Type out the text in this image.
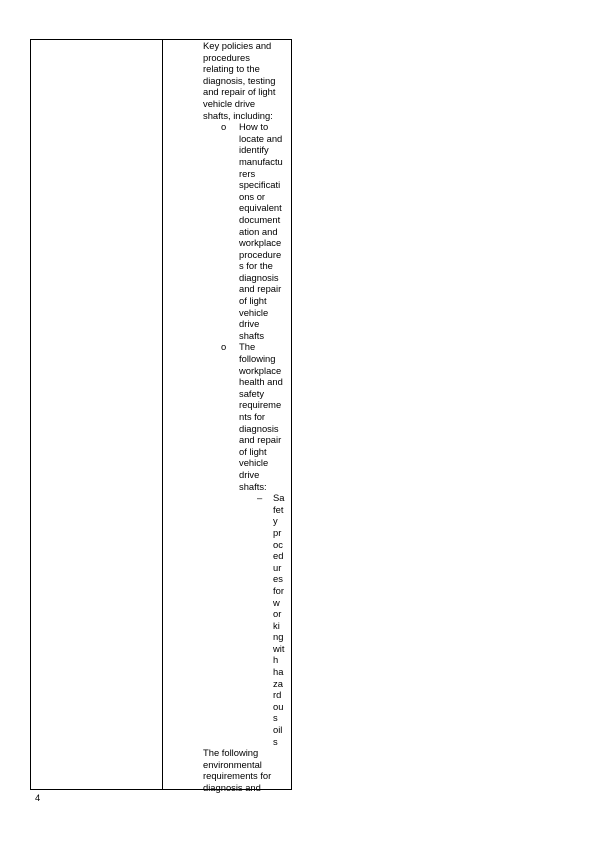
Key policies and
procedures
relating to the
diagnosis, testing
and repair of light
vehicle drive
shafts, including:

o How to
locate and
identify
manufactu
rers
specificati
ons or
equivalent
document
ation and
workplace
procedure
s for the
diagnosis
and repair
of light
vehicle
drive
shafts

o The
following
workplace
health and
safety
requireme
nts for
diagnosis
and repair
of light
vehicle
drive
shafts:

– Sa
fet
y
pr
oc
ed
ur
es
for
w
or
ki
ng
wit
h
ha
za
rd
ou
s
oil
s

The following
environmental
requirements for
diagnosis and

4
